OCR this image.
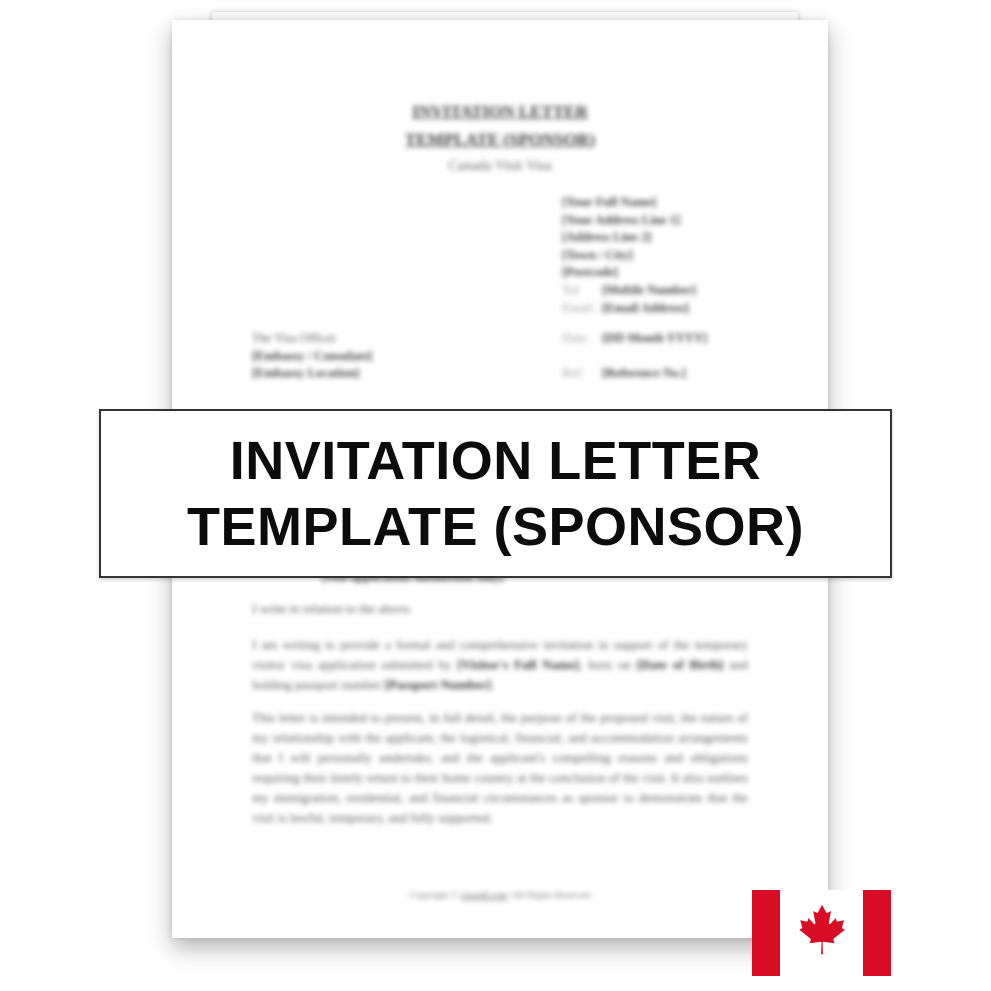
INVITATION LETTER
TEMPLATE (SPONSOR)
Canada Visit Visa
[Your Full Name]
[Your Address Line 1]
[Address Line 2]
[Town / City]
[Postcode]
Tel: [Mobile Number]
Email: [Email Address]
The Visa Officer
[Embassy / Consulate]
[Embassy Location]
Date: [DD Month YYYY]
Ref: [Reference No.]
I write in relation to the above.
I am writing to provide a formal and comprehensive invitation in support of the temporary visitor visa application submitted by [Visitor's Full Name], born on [Date of Birth] and holding passport number [Passport Number].
This letter is intended to present, in full detail, the purpose of the proposed visit, the nature of my relationship with the applicant, the logistical, financial, and accommodation arrangements that I will personally undertake, and the applicant's compelling reasons and obligations requiring their timely return to their home country at the conclusion of the visit. It also outlines my immigration, residential, and financial circumstances as sponsor to demonstrate that the visit is lawful, temporary, and fully supported.
Copyright © visapdf.com | All Rights Reserved
INVITATION LETTER
TEMPLATE (SPONSOR)
